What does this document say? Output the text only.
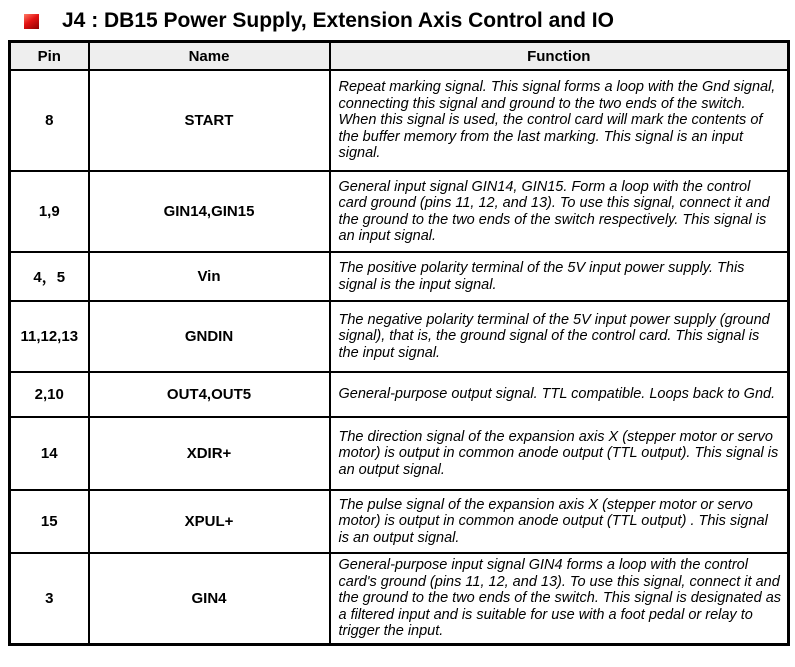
J4 : DB15 Power Supply, Extension Axis Control and IO
Pin	Name	Function
8	START	Repeat marking signal. This signal forms a loop with the Gnd signal, connecting this signal and ground to the two ends of the switch. When this signal is used, the control card will mark the contents of the buffer memory from the last marking. This signal is an input signal.
1,9	GIN14,GIN15	General input signal GIN14, GIN15. Form a loop with the control card ground (pins 11, 12, and 13). To use this signal, connect it and the ground to the two ends of the switch respectively. This signal is an input signal.
4，5	Vin	The positive polarity terminal of the 5V input power supply. This signal is the input signal.
11,12,13	GNDIN	The negative polarity terminal of the 5V input power supply (ground signal), that is, the ground signal of the control card. This signal is the input signal.
2,10	OUT4,OUT5	General-purpose output signal. TTL compatible. Loops back to Gnd.
14	XDIR+	The direction signal of the expansion axis X (stepper motor or servo motor) is output in common anode output (TTL output). This signal is an output signal.
15	XPUL+	The pulse signal of the expansion axis X (stepper motor or servo motor) is output in common anode output (TTL output) . This signal is an output signal.
3	GIN4	General-purpose input signal GIN4 forms a loop with the control card's ground (pins 11, 12, and 13). To use this signal, connect it and the ground to the two ends of the switch. This signal is designated as a filtered input and is suitable for use with a foot pedal or relay to trigger the input.
